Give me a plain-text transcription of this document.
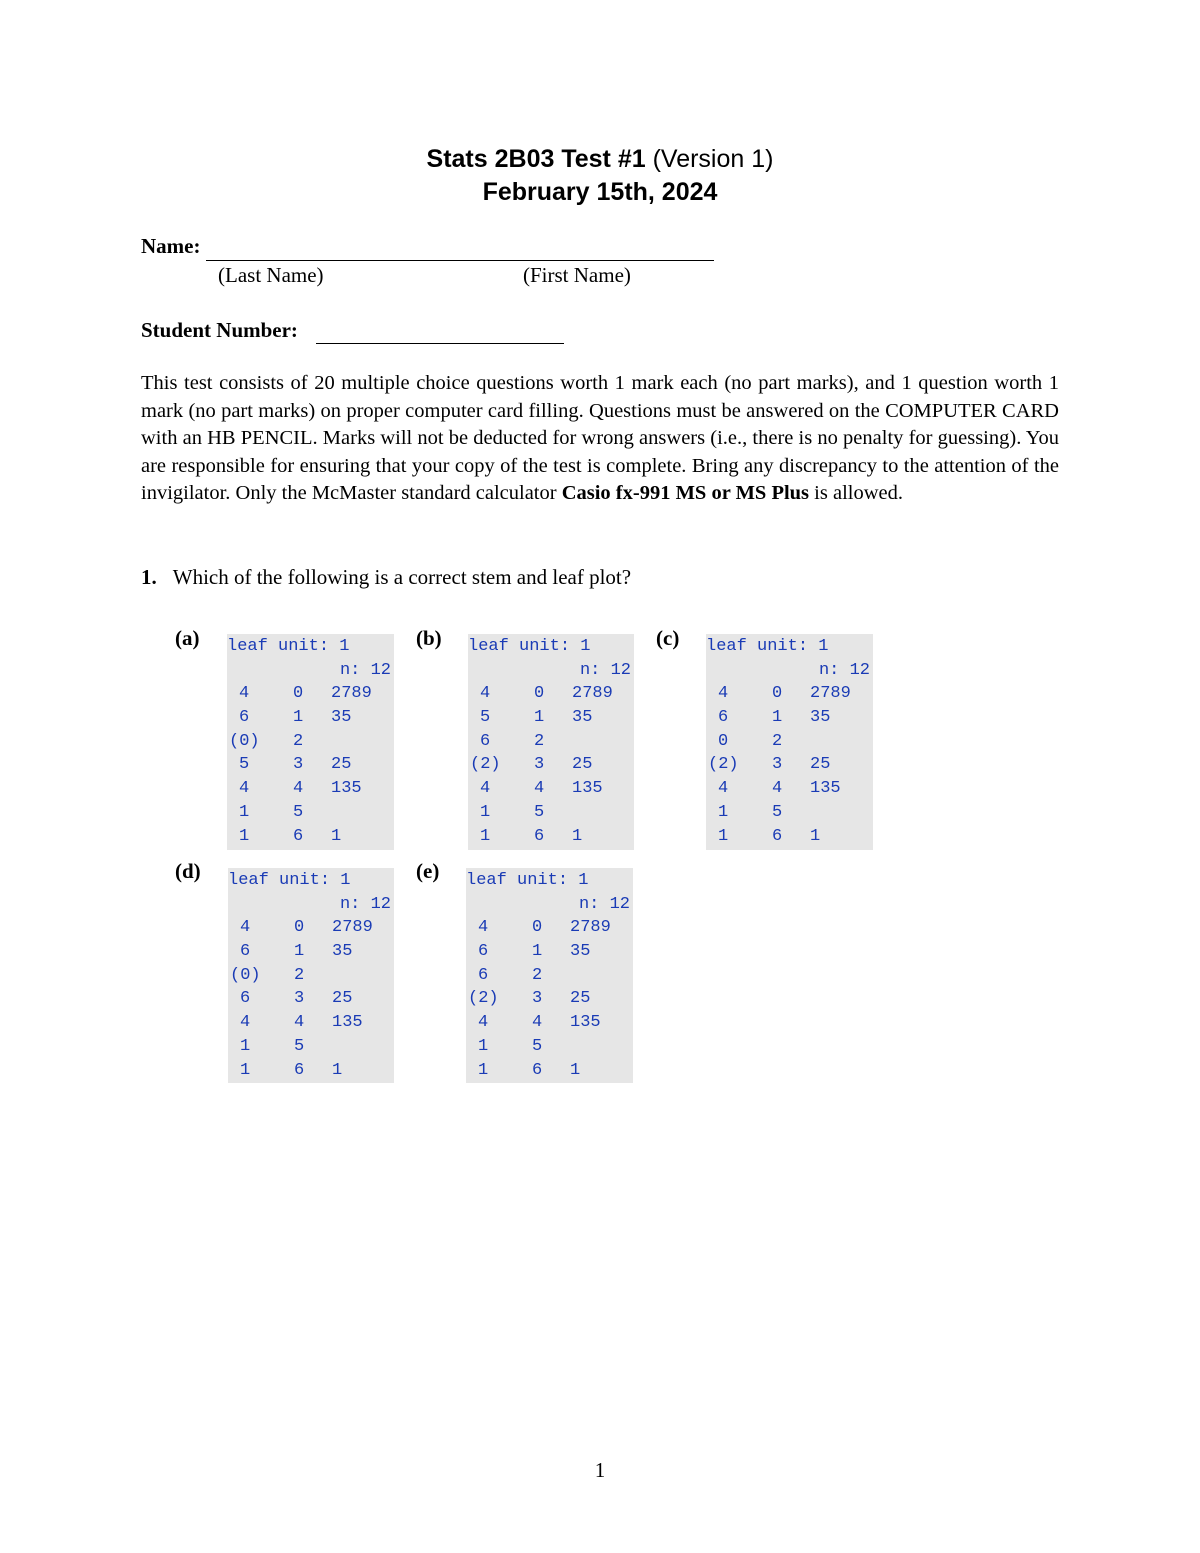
Stats 2B03 Test #1 (Version 1)
February 15th, 2024
Name:
(Last Name)	(First Name)
Student Number:
This test consists of 20 multiple choice questions worth 1 mark each (no part marks), and 1 question worth 1 mark (no part marks) on proper computer card filling. Questions must be answered on the COMPUTER CARD with an HB PENCIL. Marks will not be deducted for wrong answers (i.e., there is no penalty for guessing). You are responsible for ensuring that your copy of the test is complete. Bring any discrepancy to the attention of the invigilator. Only the McMaster standard calculator Casio fx-991 MS or MS Plus is allowed.
1. Which of the following is a correct stem and leaf plot?
(a)	(b)	(c)
(d)	(e)
leaf unit: 1
n: 12
4	0 2789
6	1 35
(0) 2
5	3 25
4	4 135
1	5
1	6 1
leaf unit: 1
n: 12
4	0 2789
5	1 35
6	2
(2) 3 25
4	4 135
1	5
1	6 1
leaf unit: 1
n: 12
4	0 2789
6	1 35
0	2
(2) 3 25
4	4 135
1	5
1	6 1
leaf unit: 1
n: 12
4	0 2789
6	1 35
(0) 2
6	3 25
4	4 135
1	5
1	6 1
leaf unit: 1
n: 12
4	0 2789
6	1 35
6	2
(2) 3 25
4	4 135
1	5
1	6 1
1
